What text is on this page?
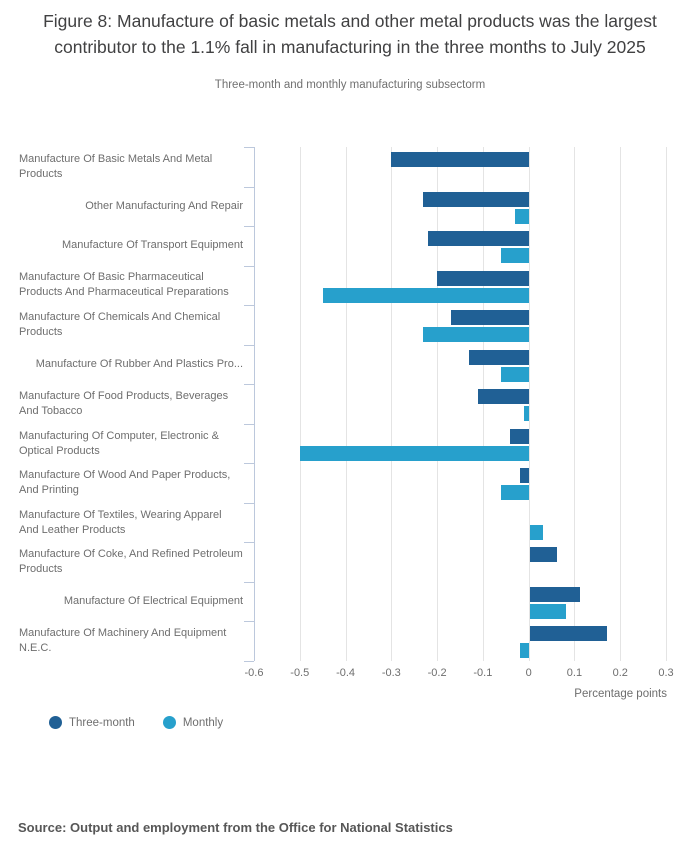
Figure 8: Manufacture of basic metals and other metal products was the largest contributor to the 1.1% fall in manufacturing in the three months to July 2025
Three-month and monthly manufacturing subsectorm
-0.6 -0.5 -0.4 -0.3 -0.2 -0.1	0	0.1	0.2	0.3
Manufacture Of Basic Metals And Metal Products
Other Manufacturing And Repair
Manufacture Of Transport Equipment
Manufacture Of Basic Pharmaceutical Products And Pharmaceutical Preparations
Manufacture Of Chemicals And Chemical Products
Manufacture Of Rubber And Plastics Pro...
Manufacture Of Food Products, Beverages And Tobacco
Manufacturing Of Computer, Electronic & Optical Products
Manufacture Of Wood And Paper Products, And Printing
Manufacture Of Textiles, Wearing Apparel And Leather Products
Manufacture Of Coke, And Refined Petroleum Products
Manufacture Of Electrical Equipment
Manufacture Of Machinery And Equipment N.E.C.
Percentage points
Three-month	Monthly
Source: Output and employment from the Office for National Statistics
